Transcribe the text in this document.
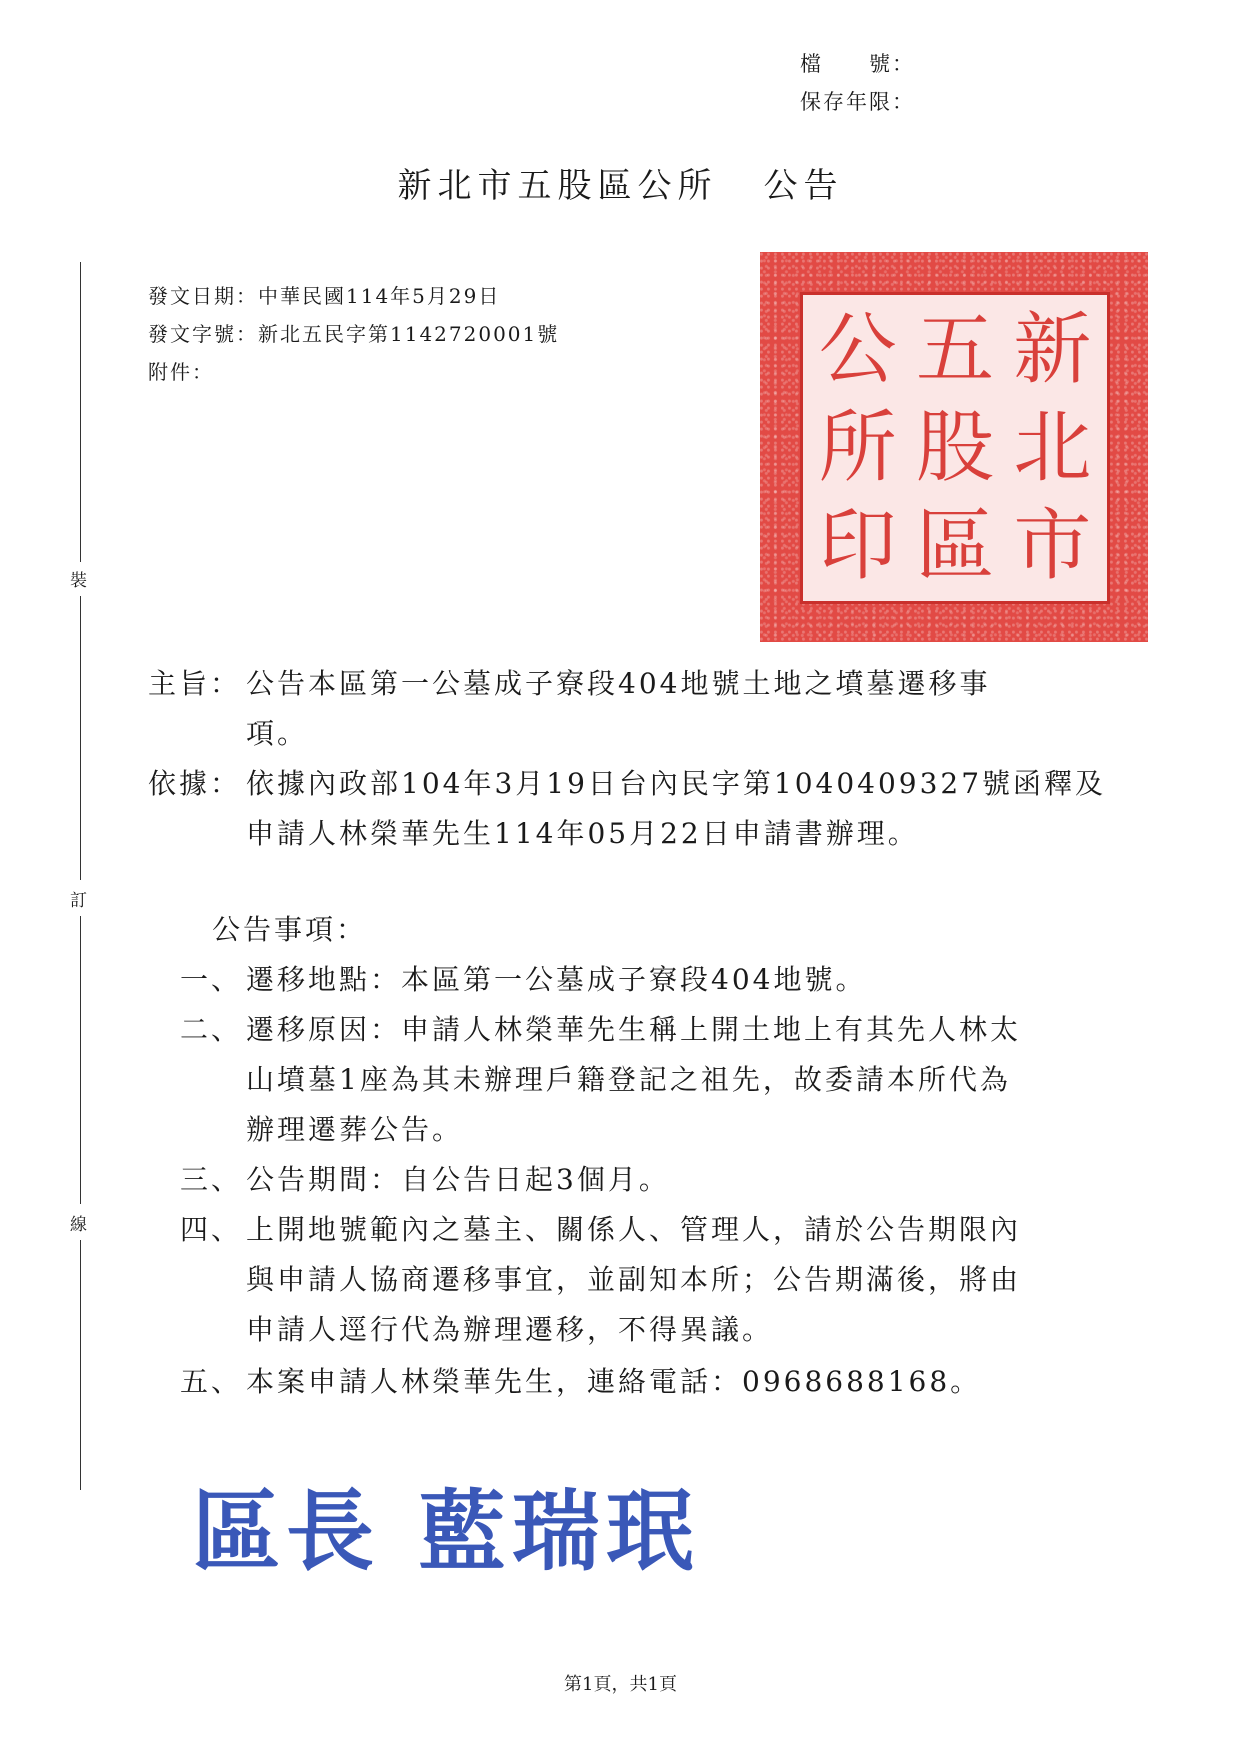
檔　　號：
保存年限：
新北市五股區公所 公告
裝
訂
線
發文日期：中華民國114年5月29日
發文字號：新北五民字第1142720001號
附件：	新
北
市
五
股
區
公
所
印
主旨： 公告本區第一公墓成子寮段404地號土地之墳墓遷移事
項。
依據： 依據內政部104年3月19日台內民字第1040409327號函釋及
申請人林榮華先生114年05月22日申請書辦理。
公告事項：
一、 遷移地點：本區第一公墓成子寮段404地號。
二、 遷移原因：申請人林榮華先生稱上開土地上有其先人林太
山墳墓1座為其未辦理戶籍登記之祖先，故委請本所代為
辦理遷葬公告。
三、 公告期間：自公告日起3個月。
四、 上開地號範內之墓主、關係人、管理人，請於公告期限內
與申請人協商遷移事宜，並副知本所；公告期滿後，將由
申請人逕行代為辦理遷移，不得異議。
五、 本案申請人林榮華先生，連絡電話：0968688168。
區長 藍瑞珉
第1頁，共1頁
